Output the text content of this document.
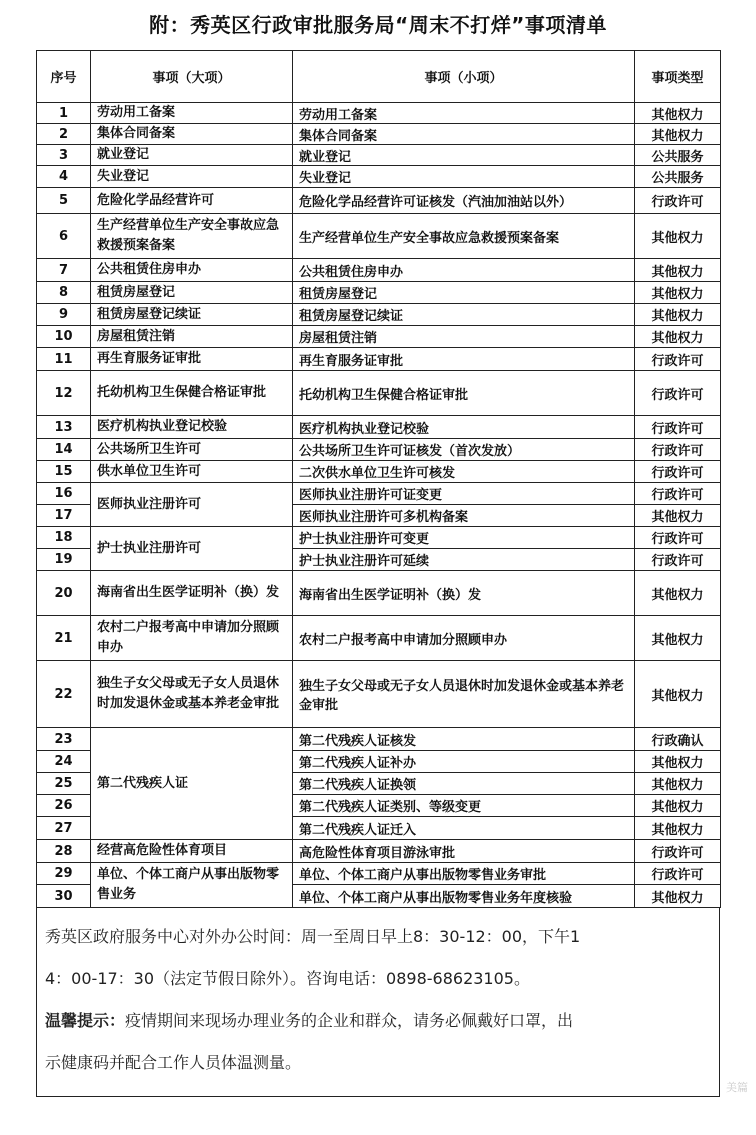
附：秀英区行政审批服务局“周末不打烊”事项清单
序号	事项（大项）	事项（小项）	事项类型
1	劳动用工备案	劳动用工备案	其他权力
2	集体合同备案	集体合同备案	其他权力
3	就业登记	就业登记	公共服务
4	失业登记	失业登记	公共服务
5	危险化学品经营许可	危险化学品经营许可证核发（汽油加油站以外）	行政许可
6	生产经营单位生产安全事故应急救援预案备案	生产经营单位生产安全事故应急救援预案备案	其他权力
7	公共租赁住房申办	公共租赁住房申办	其他权力
8	租赁房屋登记	租赁房屋登记	其他权力
9	租赁房屋登记续证	租赁房屋登记续证	其他权力
10	房屋租赁注销	房屋租赁注销	其他权力
11	再生育服务证审批	再生育服务证审批	行政许可
12	托幼机构卫生保健合格证审批	托幼机构卫生保健合格证审批	行政许可
13	医疗机构执业登记校验	医疗机构执业登记校验	行政许可
14	公共场所卫生许可	公共场所卫生许可证核发（首次发放）	行政许可
15	供水单位卫生许可	二次供水单位卫生许可核发	行政许可
16	医师执业注册许可	医师执业注册许可证变更	行政许可
17		医师执业注册许可多机构备案	其他权力
18	护士执业注册许可	护士执业注册许可变更	行政许可
19		护士执业注册许可延续	行政许可
20	海南省出生医学证明补（换）发	海南省出生医学证明补（换）发	其他权力
21	农村二户报考高中申请加分照顾申办	农村二户报考高中申请加分照顾申办	其他权力
22	独生子女父母或无子女人员退休时加发退休金或基本养老金审批	独生子女父母或无子女人员退休时加发退休金或基本养老金审批	其他权力
23	第二代残疾人证	第二代残疾人证核发	行政确认
24		第二代残疾人证补办	其他权力
25		第二代残疾人证换领	其他权力
26		第二代残疾人证类别、等级变更	其他权力
27		第二代残疾人证迁入	其他权力
28	经营高危险性体育项目	高危险性体育项目游泳审批	行政许可
29	单位、个体工商户从事出版物零售业务	单位、个体工商户从事出版物零售业务审批	行政许可
30		单位、个体工商户从事出版物零售业务年度核验	其他权力
秀英区政府服务中心对外办公时间：周一至周日早上8：30-12：00，下午1
4：00-17：30（法定节假日除外）。咨询电话：0898-68623105。
温馨提示：疫情期间来现场办理业务的企业和群众，请务必佩戴好口罩，出
示健康码并配合工作人员体温测量。
美篇
